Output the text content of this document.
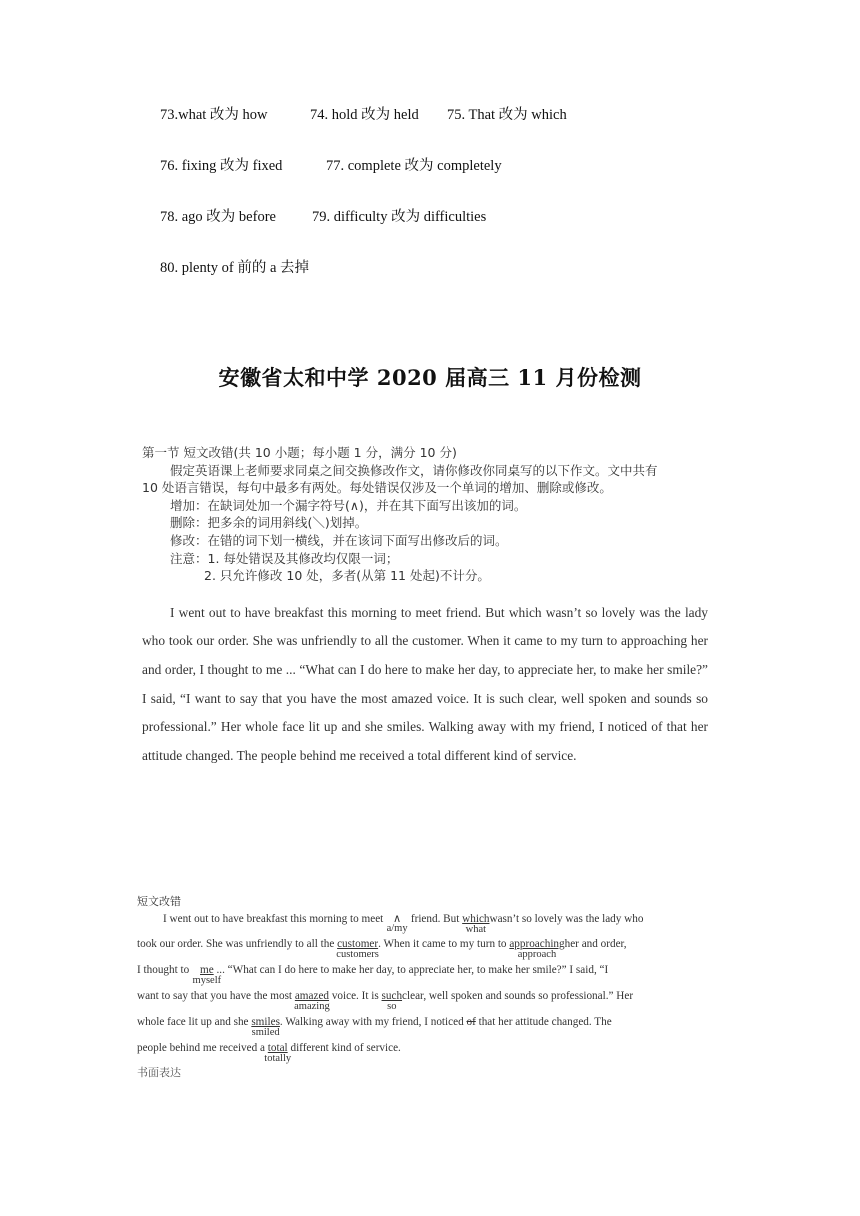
73.what 改为 how	74. hold 改为 held 75. That 改为 which
76. fixing 改为 fixed	77. complete 改为 completely
78. ago 改为 before 79. difficulty 改为 difficulties
80. plenty of 前的 a 去掉
安徽省太和中学 2020 届高三 11 月份检测
第一节 短文改错(共 10 小题；每小题 1 分，满分 10 分)
假定英语课上老师要求同桌之间交换修改作文，请你修改你同桌写的以下作文。文中共有
10 处语言错误，每句中最多有两处。每处错误仅涉及一个单词的增加、删除或修改。
增加：在缺词处加一个漏字符号(∧)，并在其下面写出该加的词。
删除：把多余的词用斜线(＼)划掉。
修改：在错的词下划一横线，并在该词下面写出修改后的词。
注意：1. 每处错误及其修改均仅限一词；
2. 只允许修改 10 处，多者(从第 11 处起)不计分。
I went out to have breakfast this morning to meet friend. But which wasn’t so lovely was the lady who took our order. She was unfriendly to all the customer. When it came to my turn to approaching her and order, I thought to me ... “What can I do here to make her day, to appreciate her, to make her smile?” I said, “I want to say that you have the most amazed voice. It is such clear, well spoken and sounds so professional.” Her whole face lit up and she smiles. Walking away with my friend, I noticed of that her attitude changed. The people behind me received a total different kind of service.
短文改错
I went out to have breakfast this morning to meet ∧
a/my
friend. But which
what
wasn’t so lovely was the lady who
took our order. She was unfriendly to all the customer
customers
. When it came to my turn to approaching
approach
her and order,
I thought to me
myself
... “What can I do here to make her day, to appreciate her, to make her smile?” I said, “I
want to say that you have the most amazed
amazing
voice. It is such
so
clear, well spoken and sounds so professional.” Her
whole face lit up and she smiles
smiled
. Walking away with my friend, I noticed of that her attitude changed. The
people behind me received a total
totally
different kind of service.
书面表达
